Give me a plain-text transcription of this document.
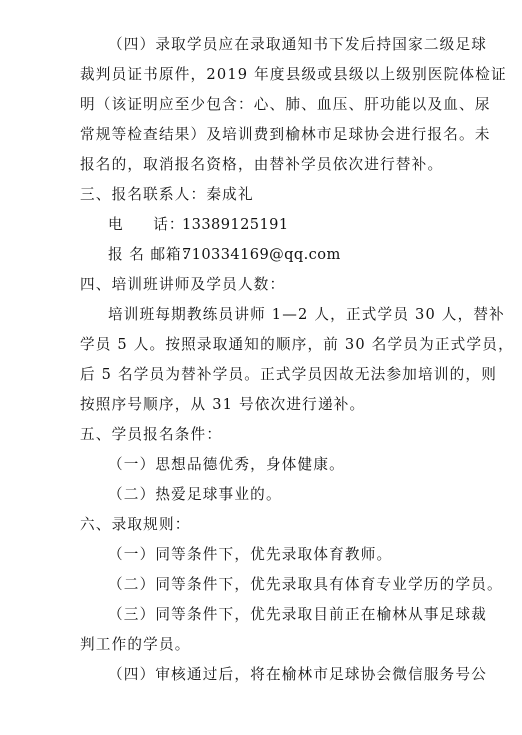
（四）录取学员应在录取通知书下发后持国家二级足球
裁判员证书原件，2019 年度县级或县级以上级别医院体检证
明（该证明应至少包含：心、肺、血压、肝功能以及血、尿
常规等检查结果）及培训费到榆林市足球协会进行报名。未
报名的，取消报名资格，由替补学员依次进行替补。
三、报名联系人：秦成礼
电 话：13389125191
报 名 邮箱：710334169@qq.com
四、培训班讲师及学员人数：
培训班每期教练员讲师 1—2 人，正式学员 30 人，替补
学员 5 人。按照录取通知的顺序，前 30 名学员为正式学员，
后 5 名学员为替补学员。正式学员因故无法参加培训的，则
按照序号顺序，从 31 号依次进行递补。
五、学员报名条件：
（一）思想品德优秀，身体健康。
（二）热爱足球事业的。
六、录取规则：
（一）同等条件下，优先录取体育教师。
（二）同等条件下，优先录取具有体育专业学历的学员。
（三）同等条件下，优先录取目前正在榆林从事足球裁
判工作的学员。
（四）审核通过后，将在榆林市足球协会微信服务号公
